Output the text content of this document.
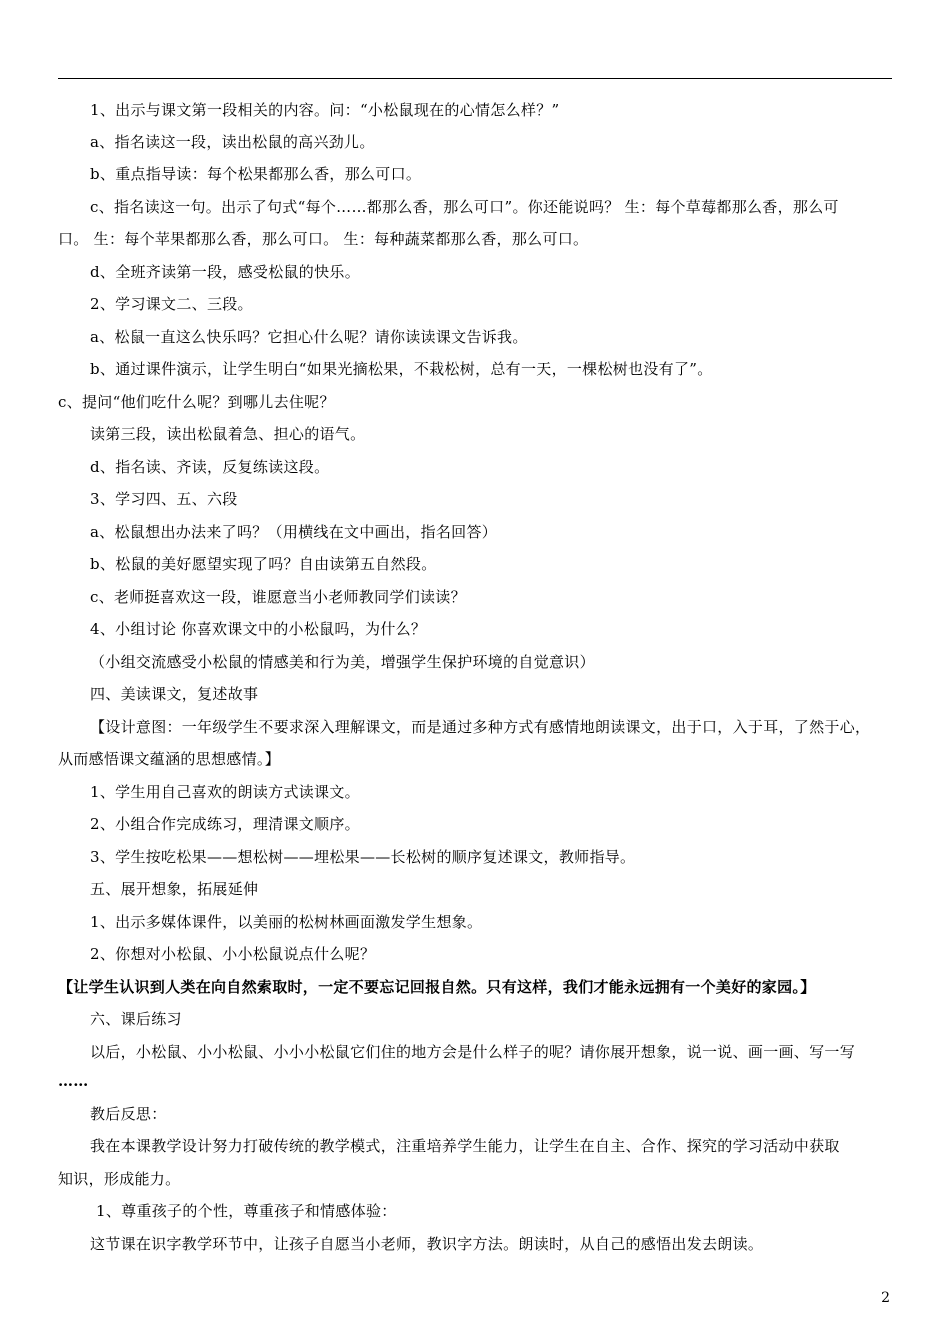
1、出示与课文第一段相关的内容。问：“小松鼠现在的心情怎么样？”
a、指名读这一段，读出松鼠的高兴劲儿。
b、重点指导读：每个松果都那么香，那么可口。
c、指名读这一句。出示了句式“每个……都那么香，那么可口”。你还能说吗？ 生：每个草莓都那么香，那么可
口。 生：每个苹果都那么香，那么可口。 生：每种蔬菜都那么香，那么可口。
d、全班齐读第一段，感受松鼠的快乐。
2、学习课文二、三段。
a、松鼠一直这么快乐吗？它担心什么呢？请你读读课文告诉我。
b、通过课件演示，让学生明白“如果光摘松果，不栽松树，总有一天，一棵松树也没有了”。
c、提问“他们吃什么呢？到哪儿去住呢？
读第三段，读出松鼠着急、担心的语气。
d、指名读、齐读，反复练读这段。
3、学习四、五、六段
a、松鼠想出办法来了吗？（用横线在文中画出，指名回答）
b、松鼠的美好愿望实现了吗？自由读第五自然段。
c、老师挺喜欢这一段，谁愿意当小老师教同学们读读？
4、小组讨论 你喜欢课文中的小松鼠吗，为什么？
（小组交流感受小松鼠的情感美和行为美，增强学生保护环境的自觉意识）
四、美读课文，复述故事
【设计意图：一年级学生不要求深入理解课文，而是通过多种方式有感情地朗读课文，出于口，入于耳，了然于心，
从而感悟课文蕴涵的思想感情。】
1、学生用自己喜欢的朗读方式读课文。
2、小组合作完成练习，理清课文顺序。
3、学生按吃松果——想松树——埋松果——长松树的顺序复述课文，教师指导。
五、展开想象，拓展延伸
1、出示多媒体课件，以美丽的松树林画面激发学生想象。
2、你想对小松鼠、小小松鼠说点什么呢？
【让学生认识到人类在向自然索取时，一定不要忘记回报自然。只有这样，我们才能永远拥有一个美好的家园。】
六、课后练习
以后，小松鼠、小小松鼠、小小小松鼠它们住的地方会是什么样子的呢？请你展开想象，说一说、画一画、写一写
……
教后反思：
我在本课教学设计努力打破传统的教学模式，注重培养学生能力，让学生在自主、合作、探究的学习活动中获取
知识，形成能力。
1、尊重孩子的个性，尊重孩子和情感体验：
这节课在识字教学环节中，让孩子自愿当小老师，教识字方法。朗读时，从自己的感悟出发去朗读。
2
